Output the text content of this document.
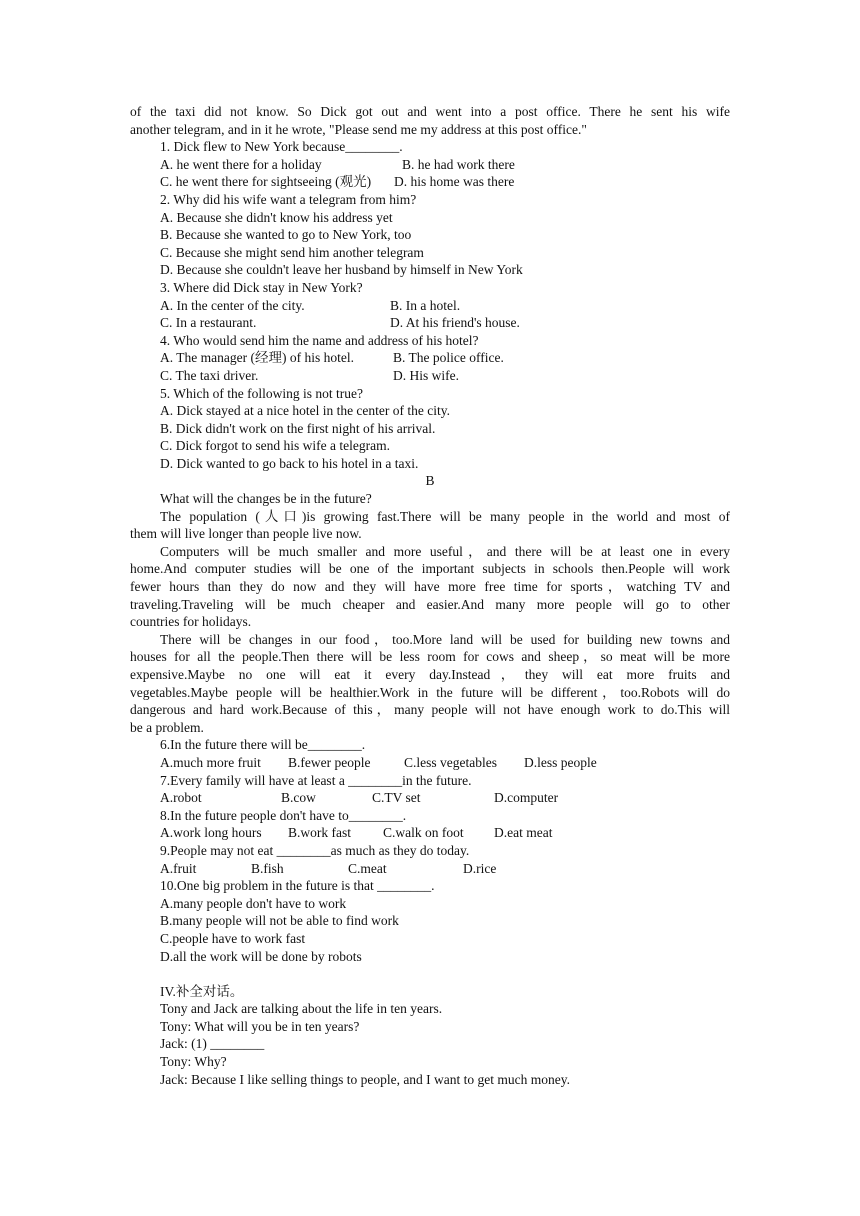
of the taxi did not know. So Dick got out and went into a post office. There he sent his wife
another telegram, and in it he wrote, "Please send me my address at this post office."
1. Dick flew to New York because________.

A. he went there for a holiday

	B. he had work there

C. he went there for sightseeing (观光)

D. his home was there

2. Why did his wife want a telegram from him?
A. Because she didn't know his address yet
B. Because she wanted to go to New York, too
C. Because she might send him another telegram
D. Because she couldn't leave her husband by himself in New York
3. Where did Dick stay in New York?

A. In the center of the city.

	B. In a hotel.

C. In a restaurant.

	D. At his friend's house.

4. Who would send him the name and address of his hotel?

A. The manager (经理) of his hotel.

	B. The police office.

C. The taxi driver.

	D. His wife.

5. Which of the following is not true?
A. Dick stayed at a nice hotel in the center of the city.
B. Dick didn't work on the first night of his arrival.
C. Dick forgot to send his wife a telegram.
D. Dick wanted to go back to his hotel in a taxi.
B
What will the changes be in the future?
The population (人口)is growing fast.There will be many people in the world and most of
them will live longer than people live now.
Computers will be much smaller and more useful，and there will be at least one in every
home.And computer studies will be one of the important subjects in schools then.People will work
fewer hours than they do now and they will have more free time for sports，watching TV and
traveling.Traveling will be much cheaper and easier.And many more people will go to other
countries for holidays.
There will be changes in our food，too.More land will be used for building new towns and
houses for all the people.Then there will be less room for cows and sheep，so meat will be more
expensive.Maybe no one will eat it every day.Instead，they will eat more fruits and
vegetables.Maybe people will be healthier.Work in the future will be different，too.Robots will do
dangerous and hard work.Because of this，many people will not have enough work to do.This will
be a problem.
6.In the future there will be________.

A.much more fruit

B.fewer people

C.less vegetables

D.less people

7.Every family will have at least a ________in the future.

A.robot

	B.cow

	C.TV set

	D.computer

8.In the future people don't have to________.

A.work long hours

B.work fast

C.walk on foot

D.eat meat

9.People may not eat ________as much as they do today.

A.fruit

	B.fish

	C.meat

	D.rice

10.One big problem in the future is that ________.
A.many people don't have to work
B.many people will not be able to find work
C.people have to work fast
D.all the work will be done by robots
IV.补全对话。
Tony and Jack are talking about the life in ten years.
Tony: What will you be in ten years?
Jack: (1) ________
Tony: Why?
Jack: Because I like selling things to people, and I want to get much money.
